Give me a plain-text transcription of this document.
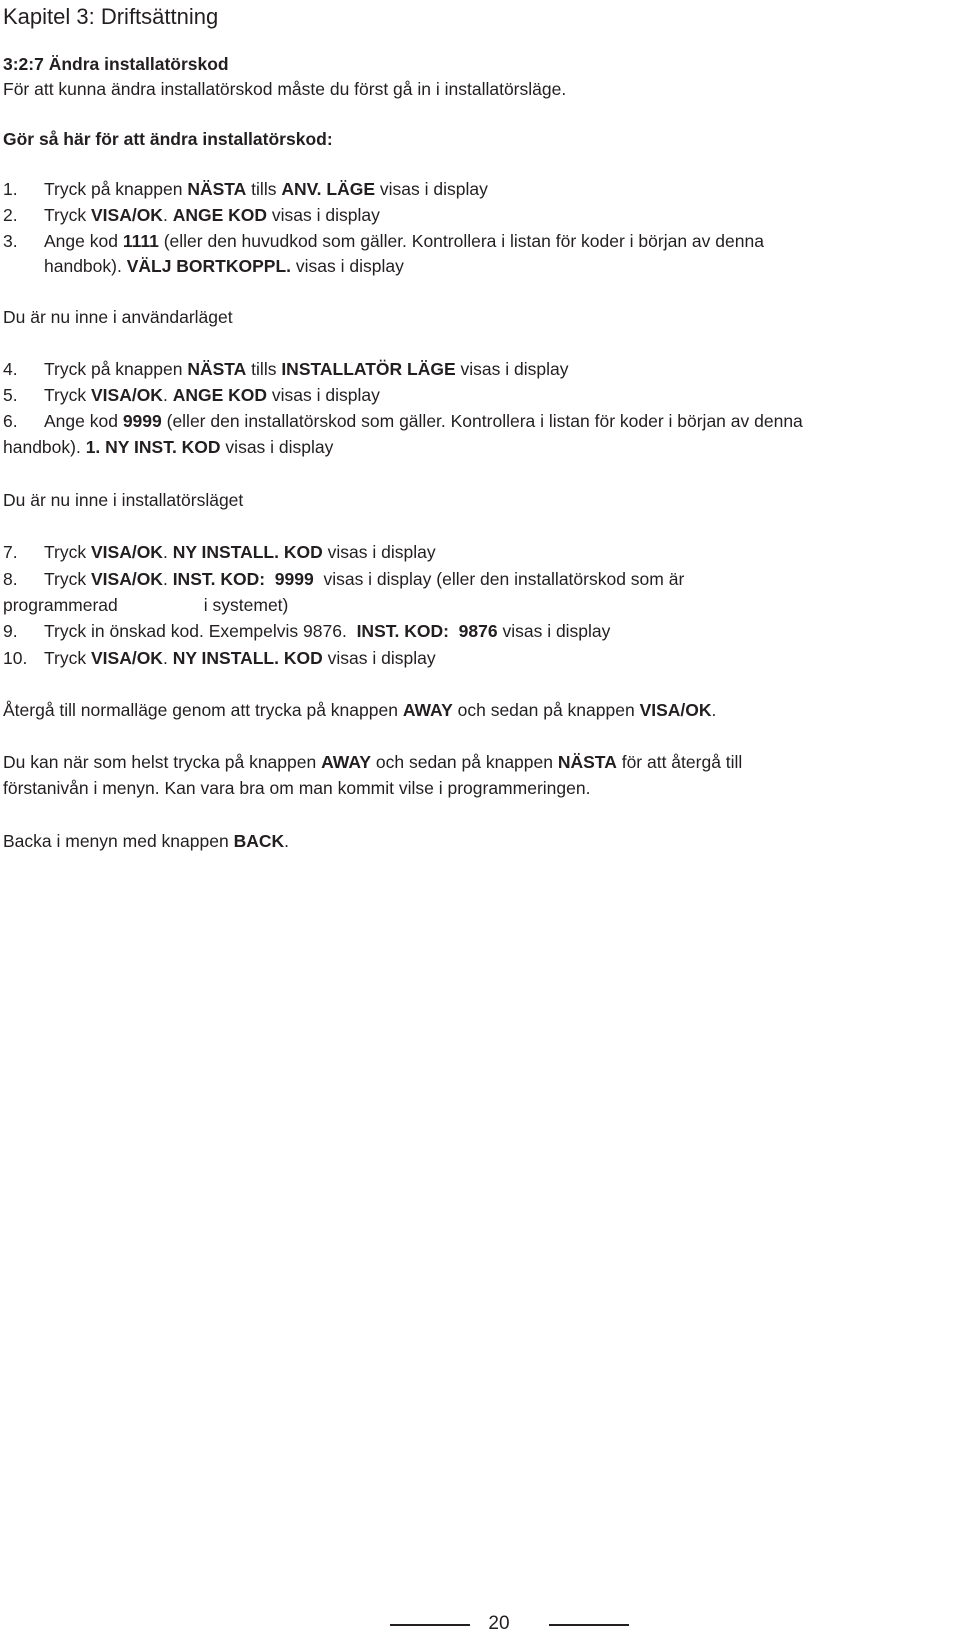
Kapitel 3: Driftsättning

3:2:7 Ändra installatörskod

För att kunna ändra installatörskod måste du först gå in i installatörsläge.

Gör så här för att ändra installatörskod:

1. Tryck på knappen NÄSTA tills ANV. LÄGE visas i display

2. Tryck VISA/OK. ANGE KOD visas i display

3. Ange kod 1111 (eller den huvudkod som gäller. Kontrollera i listan för koder i början av denna

handbok). VÄLJ BORTKOPPL. visas i display

Du är nu inne i användarläget

4. Tryck på knappen NÄSTA tills INSTALLATÖR LÄGE visas i display

5. Tryck VISA/OK. ANGE KOD visas i display

6. Ange kod 9999 (eller den installatörskod som gäller. Kontrollera i listan för koder i början av denna

handbok). 1. NY INST. KOD visas i display

Du är nu inne i installatörsläget

7. Tryck VISA/OK. NY INSTALL. KOD visas i display

8. Tryck VISA/OK. INST. KOD:  9999  visas i display (eller den installatörskod som är

programmerad	i systemet)

9. Tryck in önskad kod. Exempelvis 9876.  INST. KOD:  9876 visas i display

10. Tryck VISA/OK. NY INSTALL. KOD visas i display

Återgå till normalläge genom att trycka på knappen AWAY och sedan på knappen VISA/OK.

Du kan när som helst trycka på knappen AWAY och sedan på knappen NÄSTA för att återgå till

förstanivån i menyn. Kan vara bra om man kommit vilse i programmeringen.

Backa i menyn med knappen BACK.

20
